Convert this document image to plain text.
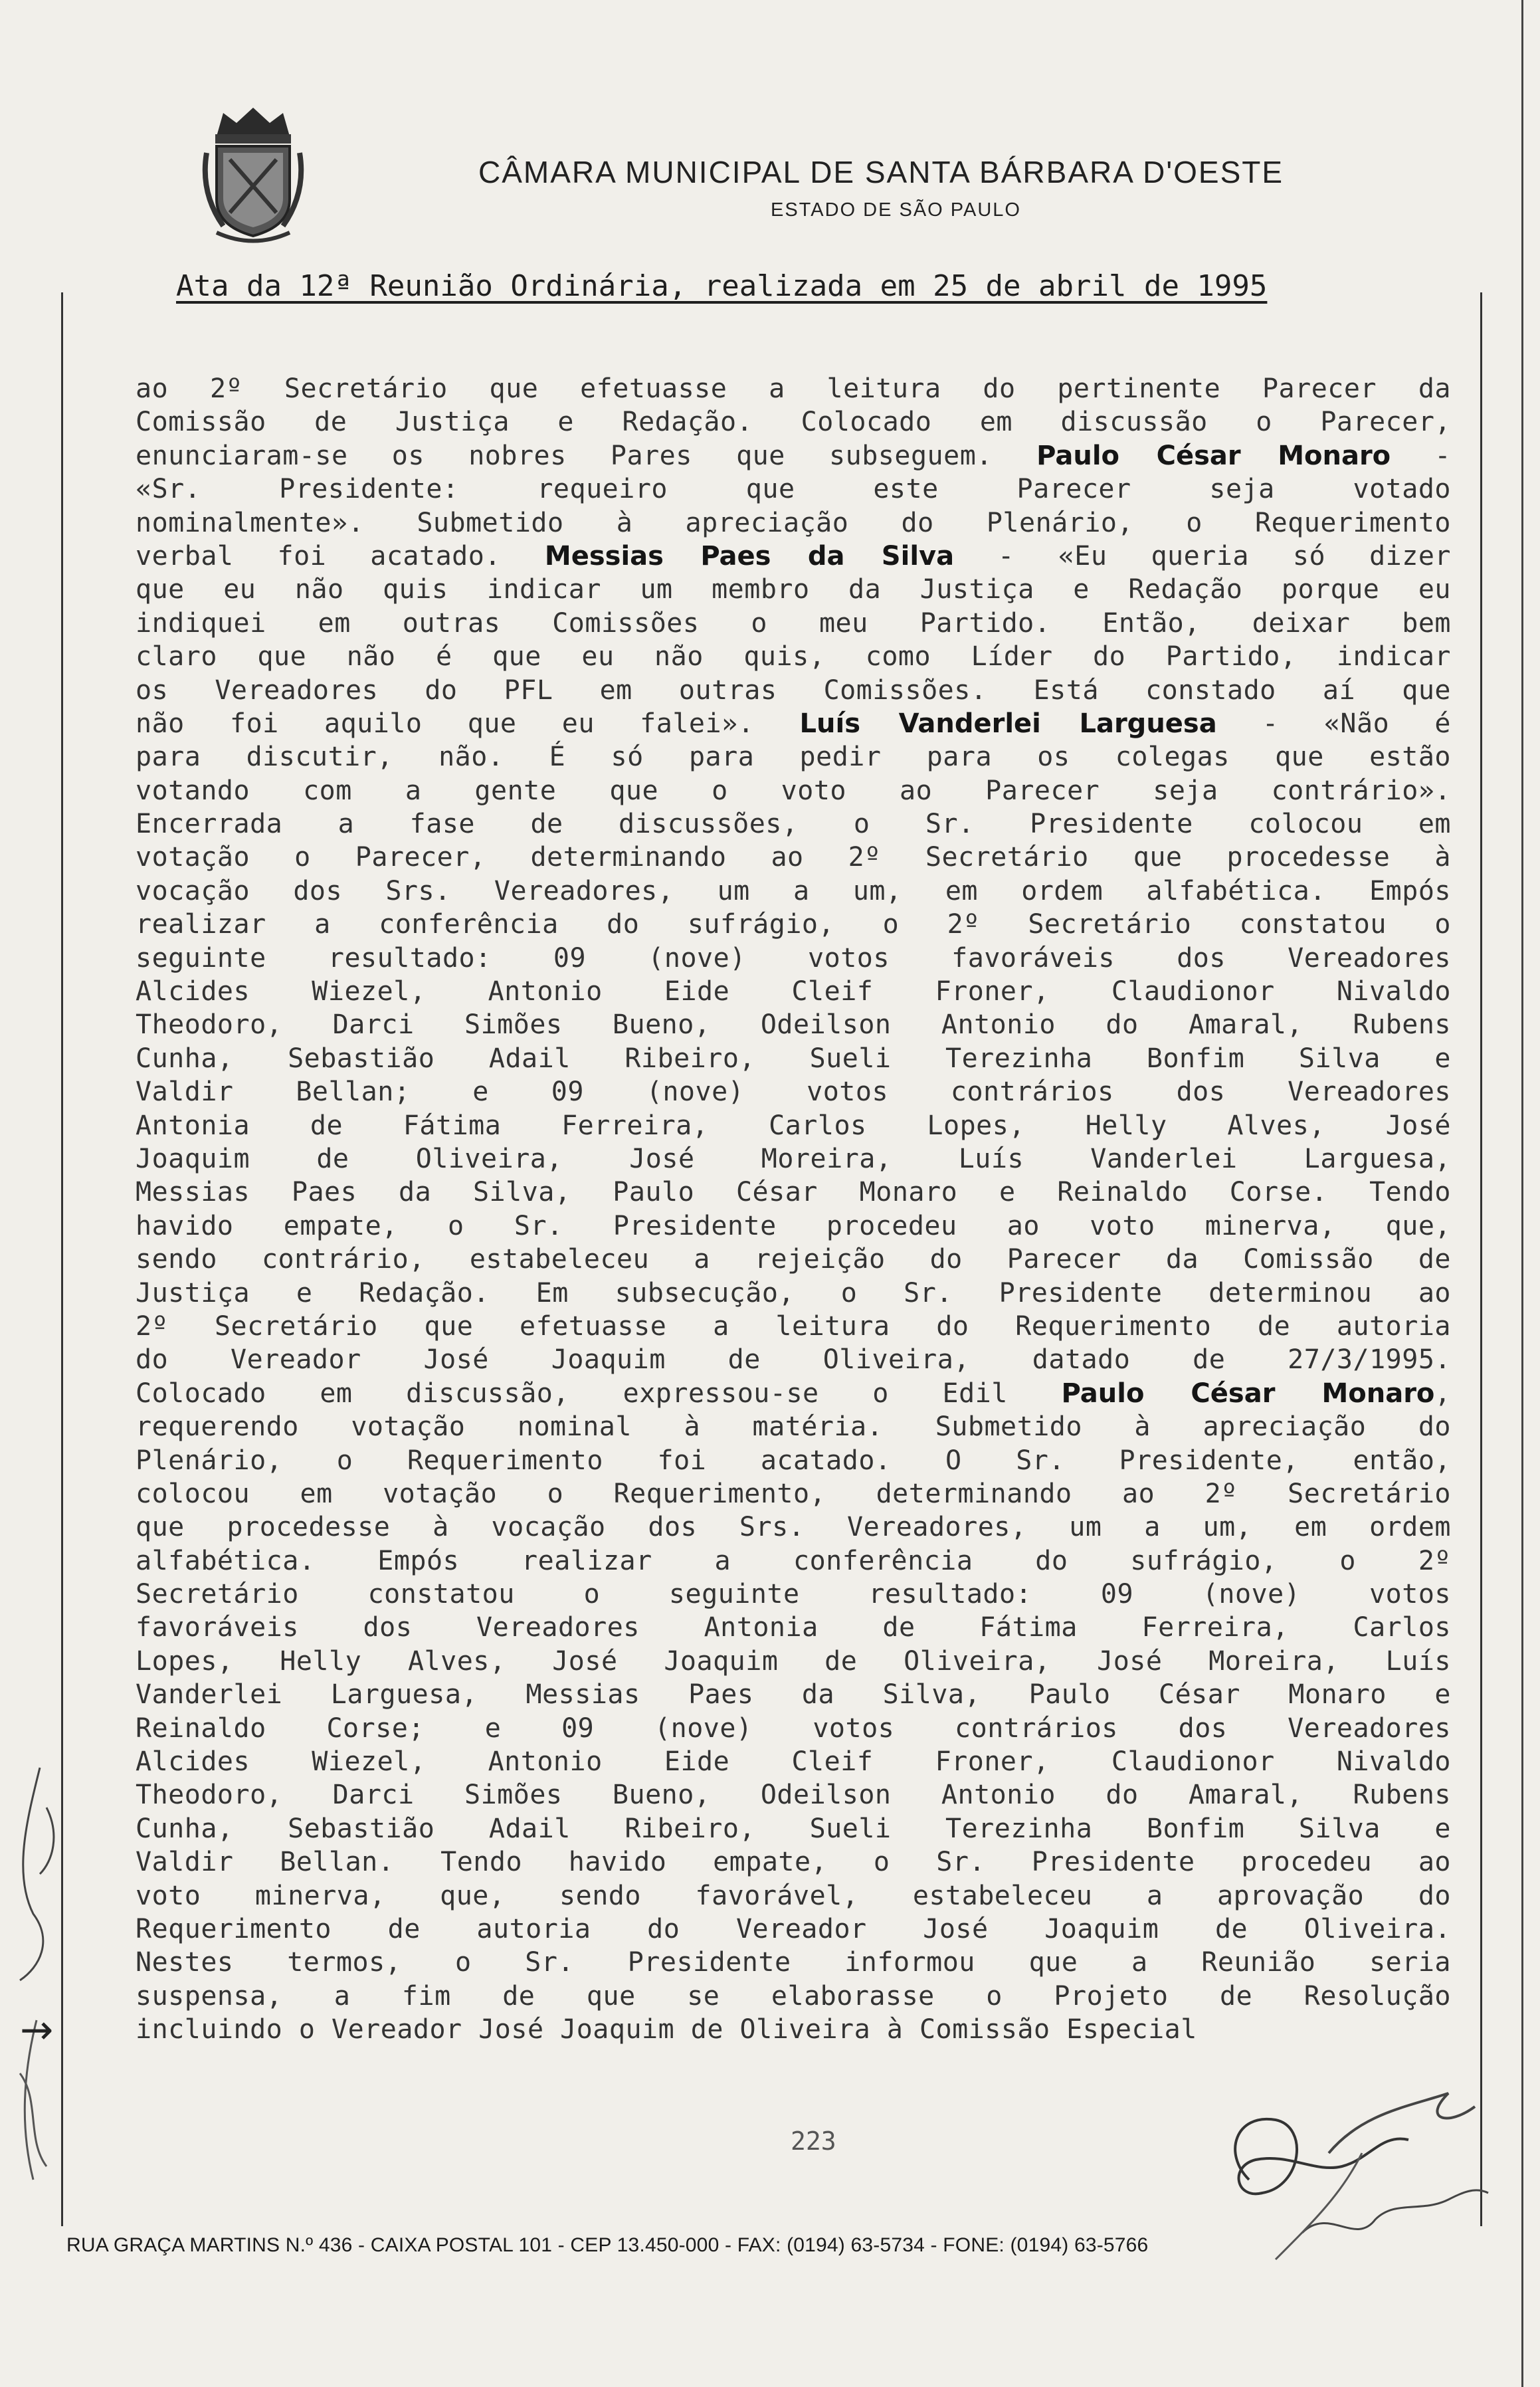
CÂMARA MUNICIPAL DE SANTA BÁRBARA D'OESTE
ESTADO DE SÃO PAULO
Ata da 12ª Reunião Ordinária, realizada em 25 de abril de 1995
ao 2º Secretário que efetuasse a leitura do pertinente Parecer da
Comissão de Justiça e Redação. Colocado em discussão o Parecer,
enunciaram-se os nobres Pares que subseguem. Paulo César Monaro -
«Sr. Presidente: requeiro que este Parecer seja votado
nominalmente». Submetido à apreciação do Plenário, o Requerimento
verbal foi acatado. Messias Paes da Silva - «Eu queria só dizer
que eu não quis indicar um membro da Justiça e Redação porque eu
indiquei em outras Comissões o meu Partido. Então, deixar bem
claro que não é que eu não quis, como Líder do Partido, indicar
os Vereadores do PFL em outras Comissões. Está constado aí que
não foi aquilo que eu falei». Luís Vanderlei Larguesa - «Não é
para discutir, não. É só para pedir para os colegas que estão
votando com a gente que o voto ao Parecer seja contrário».
Encerrada a fase de discussões, o Sr. Presidente colocou em
votação o Parecer, determinando ao 2º Secretário que procedesse à
vocação dos Srs. Vereadores, um a um, em ordem alfabética. Empós
realizar a conferência do sufrágio, o 2º Secretário constatou o
seguinte resultado: 09 (nove) votos favoráveis dos Vereadores
Alcides Wiezel, Antonio Eide Cleif Froner, Claudionor Nivaldo
Theodoro, Darci Simões Bueno, Odeilson Antonio do Amaral, Rubens
Cunha, Sebastião Adail Ribeiro, Sueli Terezinha Bonfim Silva e
Valdir Bellan; e 09 (nove) votos contrários dos Vereadores
Antonia de Fátima Ferreira, Carlos Lopes, Helly Alves, José
Joaquim de Oliveira, José Moreira, Luís Vanderlei Larguesa,
Messias Paes da Silva, Paulo César Monaro e Reinaldo Corse. Tendo
havido empate, o Sr. Presidente procedeu ao voto minerva, que,
sendo contrário, estabeleceu a rejeição do Parecer da Comissão de
Justiça e Redação. Em subsecução, o Sr. Presidente determinou ao
2º Secretário que efetuasse a leitura do Requerimento de autoria
do Vereador José Joaquim de Oliveira, datado de 27/3/1995.
Colocado em discussão, expressou-se o Edil Paulo César Monaro,
requerendo votação nominal à matéria. Submetido à apreciação do
Plenário, o Requerimento foi acatado. O Sr. Presidente, então,
colocou em votação o Requerimento, determinando ao 2º Secretário
que procedesse à vocação dos Srs. Vereadores, um a um, em ordem
alfabética. Empós realizar a conferência do sufrágio, o 2º
Secretário constatou o seguinte resultado: 09 (nove) votos
favoráveis dos Vereadores Antonia de Fátima Ferreira, Carlos
Lopes, Helly Alves, José Joaquim de Oliveira, José Moreira, Luís
Vanderlei Larguesa, Messias Paes da Silva, Paulo César Monaro e
Reinaldo Corse; e 09 (nove) votos contrários dos Vereadores
Alcides Wiezel, Antonio Eide Cleif Froner, Claudionor Nivaldo
Theodoro, Darci Simões Bueno, Odeilson Antonio do Amaral, Rubens
Cunha, Sebastião Adail Ribeiro, Sueli Terezinha Bonfim Silva e
Valdir Bellan. Tendo havido empate, o Sr. Presidente procedeu ao
voto minerva, que, sendo favorável, estabeleceu a aprovação do
Requerimento de autoria do Vereador José Joaquim de Oliveira.
Nestes termos, o Sr. Presidente informou que a Reunião seria
suspensa, a fim de que se elaborasse o Projeto de Resolução
incluindo o Vereador José Joaquim de Oliveira à Comissão Especial
223
→
RUA GRAÇA MARTINS N.º 436 - CAIXA POSTAL 101 - CEP 13.450-000 - FAX: (0194) 63-5734 - FONE: (0194) 63-5766
